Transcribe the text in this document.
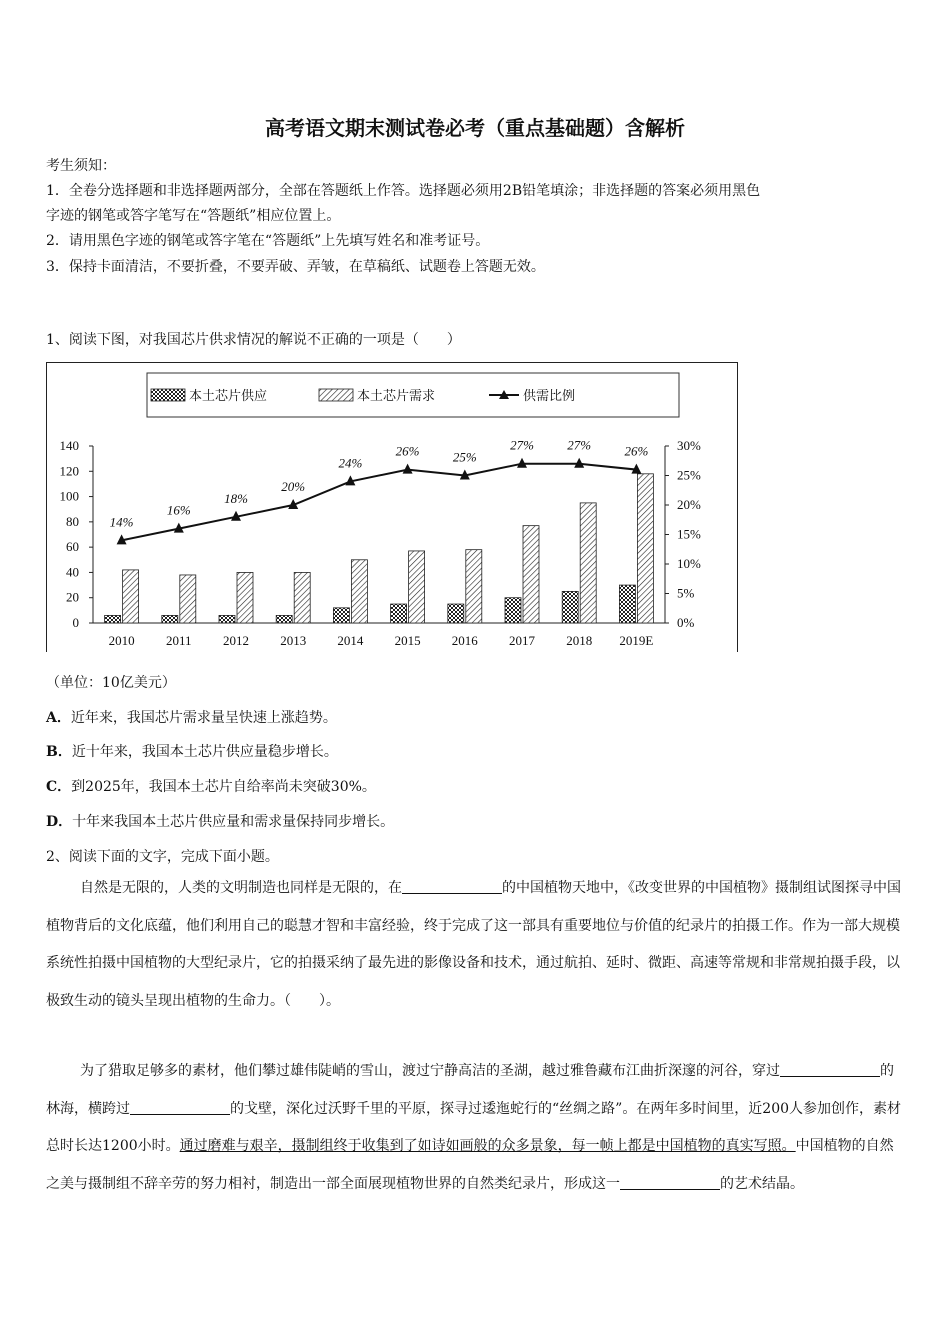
高考语文期末测试卷必考（重点基础题）含解析
考生须知：
1．全卷分选择题和非选择题两部分，全部在答题纸上作答。选择题必须用2B铅笔填涂；非选择题的答案必须用黑色
字迹的钢笔或答字笔写在“答题纸”相应位置上。
2．请用黑色字迹的钢笔或答字笔在“答题纸”上先填写姓名和准考证号。
3．保持卡面清洁，不要折叠，不要弄破、弄皱，在草稿纸、试题卷上答题无效。
1、阅读下图，对我国芯片供求情况的解说不正确的一项是（　　）
本土芯片供应	本土芯片需求	供需比例
0
20
40
60
80
100
120
140
0%
5%
10%
15%
20%
25%
30%
2010 2011 2012 2013 2014 2015 2016 2017 2018 2019E
14%
16%
18%
20%
24%
26%	25%
27%	27%	26%
（单位：10亿美元）
A．近年来，我国芯片需求量呈快速上涨趋势。
B．近十年来，我国本土芯片供应量稳步增长。
C．到2025年，我国本土芯片自给率尚未突破30%。
D．十年来我国本土芯片供应量和需求量保持同步增长。
2、阅读下面的文字，完成下面小题。
自然是无限的，人类的文明制造也同样是无限的，在	的中国植物天地中，《改变世界的中国植物》摄制组试图探寻中国植物背后的文化底蕴，他们利用自己的聪慧才智和丰富经验，终于完成了这一部具有重要地位与价值的纪录片的拍摄工作。作为一部大规模系统性拍摄中国植物的大型纪录片，它的拍摄采纳了最先进的影像设备和技术，通过航拍、延时、微距、高速等常规和非常规拍摄手段，以极致生动的镜头呈现出植物的生命力。（　　）。
为了猎取足够多的素材，他们攀过雄伟陡峭的雪山，渡过宁静高洁的圣湖，越过雅鲁藏布江曲折深邃的河谷，穿过	的林海，横跨过	的戈壁，深化过沃野千里的平原，探寻过逶迤蛇行的“丝绸之路”。在两年多时间里，近200人参加创作，素材总时长达1200小时。通过磨难与艰辛，摄制组终于收集到了如诗如画般的众多景象，每一帧上都是中国植物的真实写照。中国植物的自然之美与摄制组不辞辛劳的努力相衬，制造出一部全面展现植物世界的自然类纪录片，形成这一	的艺术结晶。
